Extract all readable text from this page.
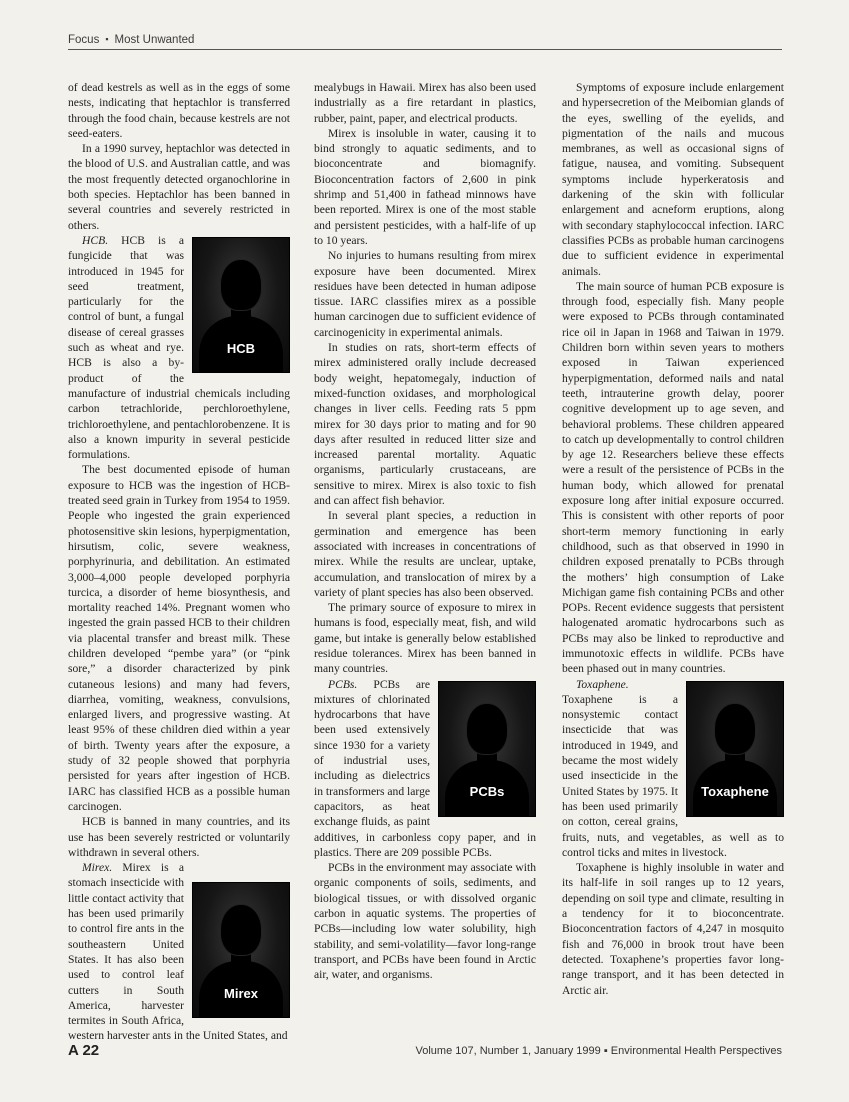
Focus ▪ Most Unwanted

of dead kestrels as well as in the eggs of some nests, indicating that heptachlor is transferred through the food chain, because kestrels are not seed-eaters.

In a 1990 survey, heptachlor was detected in the blood of U.S. and Australian cattle, and was the most frequently detected organochlorine in both species. Heptachlor has been banned in several countries and severely restricted in others.

HCB

HCB. HCB is a fungicide that was introduced in 1945 for seed treatment, particularly for the control of bunt, a fungal disease of cereal grasses such as wheat and rye. HCB is also a by-product of the manufacture of industrial chemicals including carbon tetrachloride, perchloroethylene, trichloroethylene, and pentachlorobenzene. It is also a known impurity in several pesticide formulations.

The best documented episode of human exposure to HCB was the ingestion of HCB-treated seed grain in Turkey from 1954 to 1959. People who ingested the grain experienced photosensitive skin lesions, hyperpigmentation, hirsutism, colic, severe weakness, porphyrinuria, and debilitation. An estimated 3,000–4,000 people developed porphyria turcica, a disorder of heme biosynthesis, and mortality reached 14%. Pregnant women who ingested the grain passed HCB to their children via placental transfer and breast milk. These children developed “pembe yara” (or “pink sore,” a disorder characterized by pink cutaneous lesions) and many had fevers, diarrhea, vomiting, weakness, convulsions, enlarged livers, and progressive wasting. At least 95% of these children died within a year of birth. Twenty years after the exposure, a study of 32 people showed that porphyria persisted for years after ingestion of HCB. IARC has classified HCB as a possible human carcinogen.

HCB is banned in many countries, and its use has been severely restricted or voluntarily withdrawn in several others.

Mirex

Mirex. Mirex is a stomach insecticide with little contact activity that has been used primarily to control fire ants in the southeastern United States. It has also been used to control leaf cutters in South America, harvester termites in South Africa, western harvester ants in the United States, and

mealybugs in Hawaii. Mirex has also been used industrially as a fire retardant in plastics, rubber, paint, paper, and electrical products.

Mirex is insoluble in water, causing it to bind strongly to aquatic sediments, and to bioconcentrate and biomagnify. Bioconcentration factors of 2,600 in pink shrimp and 51,400 in fathead minnows have been reported. Mirex is one of the most stable and persistent pesticides, with a half-life of up to 10 years.

No injuries to humans resulting from mirex exposure have been documented. Mirex residues have been detected in human adipose tissue. IARC classifies mirex as a possible human carcinogen due to sufficient evidence of carcinogenicity in experimental animals.

In studies on rats, short-term effects of mirex administered orally include decreased body weight, hepatomegaly, induction of mixed-function oxidases, and morphological changes in liver cells. Feeding rats 5 ppm mirex for 30 days prior to mating and for 90 days after resulted in reduced litter size and increased parental mortality. Aquatic organisms, particularly crustaceans, are sensitive to mirex. Mirex is also toxic to fish and can affect fish behavior.

In several plant species, a reduction in germination and emergence has been associated with increases in concentrations of mirex. While the results are unclear, uptake, accumulation, and translocation of mirex by a variety of plant species has also been observed.

The primary source of exposure to mirex in humans is food, especially meat, fish, and wild game, but intake is generally below established residue tolerances. Mirex has been banned in many countries.

PCBs

PCBs. PCBs are mixtures of chlorinated hydrocarbons that have been used extensively since 1930 for a variety of industrial uses, including as dielectrics in transformers and large capacitors, as heat exchange fluids, as paint additives, in carbonless copy paper, and in plastics. There are 209 possible PCBs.

PCBs in the environment may associate with organic components of soils, sediments, and biological tissues, or with dissolved organic carbon in aquatic systems. The properties of PCBs—including low water solubility, high stability, and semi-volatility—favor long-range transport, and PCBs have been found in Arctic air, water, and organisms.

Symptoms of exposure include enlargement and hypersecretion of the Meibomian glands of the eyes, swelling of the eyelids, and pigmentation of the nails and mucous membranes, as well as occasional signs of fatigue, nausea, and vomiting. Subsequent symptoms include hyperkeratosis and darkening of the skin with follicular enlargement and acneform eruptions, along with secondary staphylococcal infection. IARC classifies PCBs as probable human carcinogens due to sufficient evidence in experimental animals.

The main source of human PCB exposure is through food, especially fish. Many people were exposed to PCBs through contaminated rice oil in Japan in 1968 and Taiwan in 1979. Children born within seven years to mothers exposed in Taiwan experienced hyperpigmentation, deformed nails and natal teeth, intrauterine growth delay, poorer cognitive development up to age seven, and behavioral problems. These children appeared to catch up developmentally to control children by age 12. Researchers believe these effects were a result of the persistence of PCBs in the human body, which allowed for prenatal exposure long after initial exposure occurred. This is consistent with other reports of poor short-term memory functioning in early childhood, such as that observed in 1990 in children exposed prenatally to PCBs through the mothers’ high consumption of Lake Michigan game fish containing PCBs and other POPs. Recent evidence suggests that persistent halogenated aromatic hydrocarbons such as PCBs may also be linked to reproductive and immunotoxic effects in wildlife. PCBs have been phased out in many countries.

Toxaphene

Toxaphene. Toxaphene is a nonsystemic contact insecticide that was introduced in 1949, and became the most widely used insecticide in the United States by 1975. It has been used primarily on cotton, cereal grains, fruits, nuts, and vegetables, as well as to control ticks and mites in livestock.

Toxaphene is highly insoluble in water and its half-life in soil ranges up to 12 years, depending on soil type and climate, resulting in a tendency for it to bioconcentrate. Bioconcentration factors of 4,247 in mosquito fish and 76,000 in brook trout have been detected. Toxaphene’s properties favor long-range transport, and it has been detected in Arctic air.

A 22	Volume 107, Number 1, January 1999 ▪ Environmental Health Perspectives
